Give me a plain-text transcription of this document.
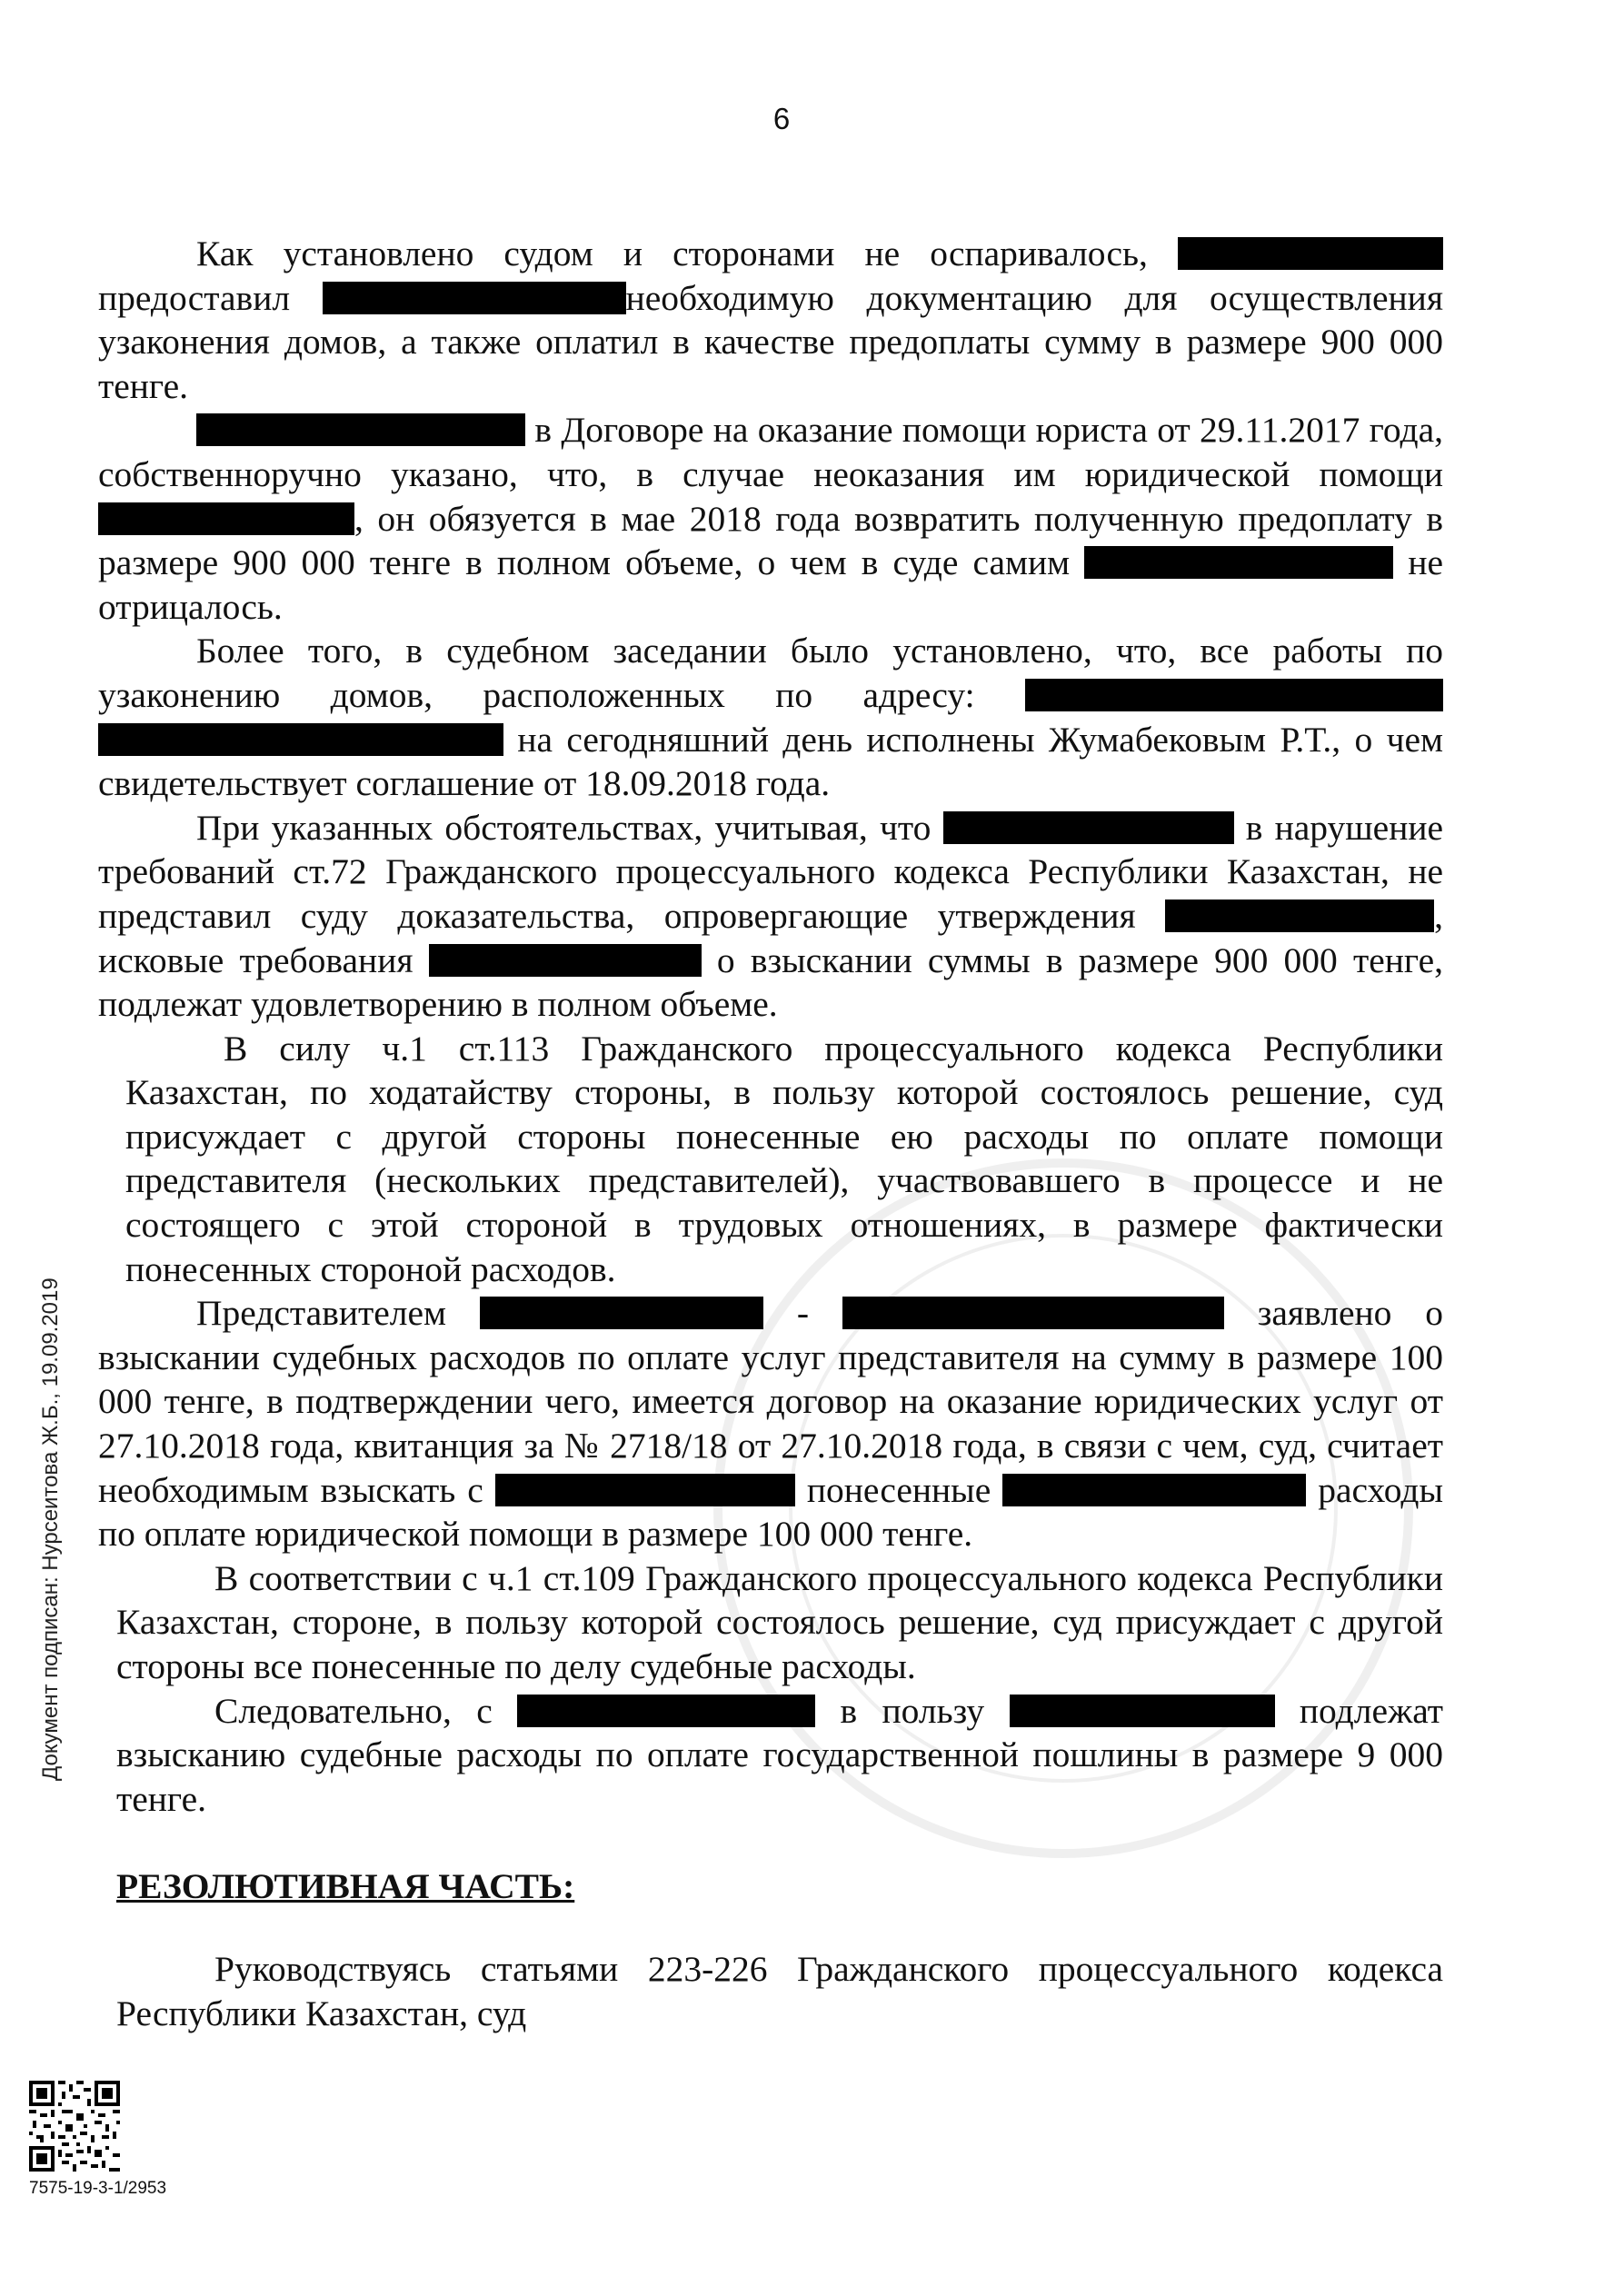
6

Как установлено судом и сторонами не оспаривалось,  предоставил	необходимую документацию для осуществления узаконения домов, а также оплатил в качестве предоплаты сумму в размере 900 000 тенге.

в Договоре на оказание помощи юриста от 29.11.2017 года, собственноручно указано, что, в случае неоказания им юридической помощи , он обязуется в мае 2018 года возвратить полученную предоплату в размере 900 000 тенге в полном объеме, о чем в суде самим	не отрицалось.

Более того, в судебном заседании было установлено, что, все работы по узаконению домов, расположенных по адресу:   на сегодняшний день исполнены Жумабековым Р.Т., о чем свидетельствует соглашение от 18.09.2018 года.

При указанных обстоятельствах, учитывая, что	в нарушение требований ст.72 Гражданского процессуального кодекса Республики Казахстан, не представил суду доказательства, опровергающие утверждения	, исковые требования	о взыскании суммы в размере 900 000 тенге, подлежат удовлетворению в полном объеме.

В силу ч.1 ст.113 Гражданского процессуального кодекса Республики Казахстан, по ходатайству стороны, в пользу которой состоялось решение, суд присуждает с другой стороны понесенные ею расходы по оплате помощи представителя (нескольких представителей), участвовавшего в процессе и не состоящего с этой стороной в трудовых отношениях, в размере фактически понесенных стороной расходов.

Представителем	-	заявлено о взыскании судебных расходов по оплате услуг представителя на сумму в размере 100 000 тенге, в подтверждении чего, имеется договор на оказание юридических услуг от 27.10.2018 года, квитанция за № 2718/18 от 27.10.2018 года, в связи с чем, суд, считает необходимым взыскать с	понесенные	расходы по оплате юридической помощи в размере 100 000 тенге.

В соответствии с ч.1 ст.109 Гражданского процессуального кодекса Республики Казахстан, стороне, в пользу которой состоялось решение, суд присуждает с другой стороны все понесенные по делу судебные расходы.

Следовательно, с	в пользу	подлежат взысканию судебные расходы по оплате государственной пошлины в размере 9 000 тенге.

РЕЗОЛЮТИВНАЯ ЧАСТЬ:

Руководствуясь статьями 223-226 Гражданского процессуального кодекса Республики Казахстан, суд

Документ подписан: Нурсеитова Ж.Б., 19.09.2019
7575-19-3-1/2953
